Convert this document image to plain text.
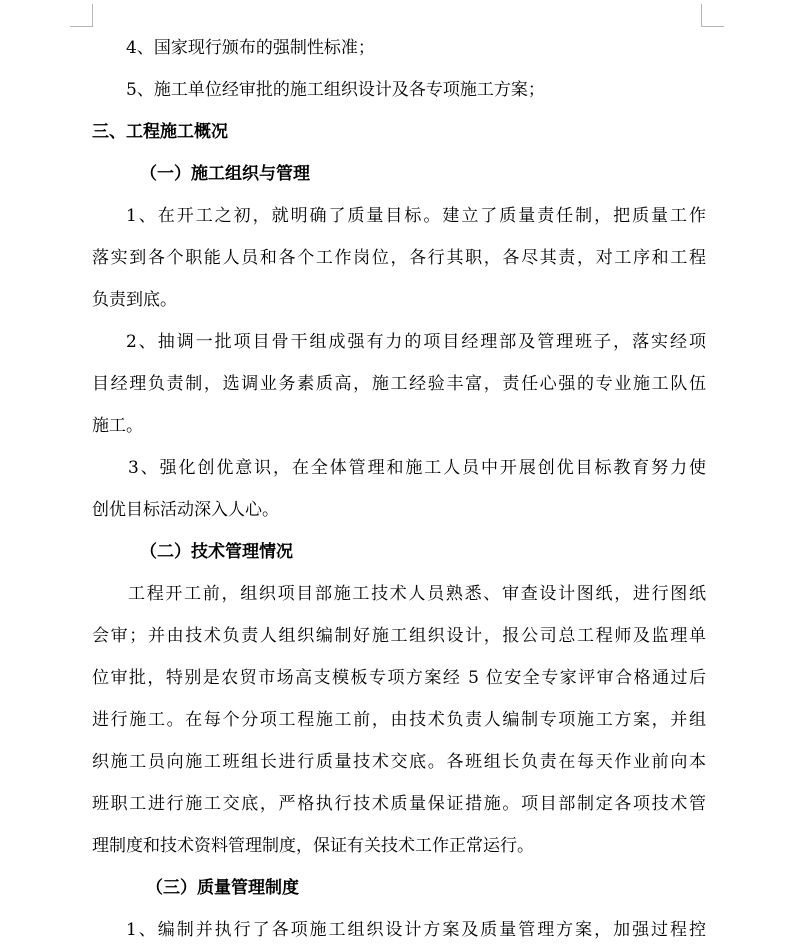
4、国家现行颁布的强制性标准；
5、施工单位经审批的施工组织设计及各专项施工方案；
三、工程施工概况
（一）施工组织与管理
1、在开工之初，就明确了质量目标。建立了质量责任制，把质量工作
落实到各个职能人员和各个工作岗位，各行其职，各尽其责，对工序和工程
负责到底。
2、抽调一批项目骨干组成强有力的项目经理部及管理班子，落实经项
目经理负责制，选调业务素质高，施工经验丰富，责任心强的专业施工队伍
施工。
3、强化创优意识，在全体管理和施工人员中开展创优目标教育努力使
创优目标活动深入人心。
（二）技术管理情况
工程开工前，组织项目部施工技术人员熟悉、审查设计图纸，进行图纸
会审；并由技术负责人组织编制好施工组织设计，报公司总工程师及监理单
位审批，特别是农贸市场高支模板专项方案经 5 位安全专家评审合格通过后
进行施工。在每个分项工程施工前，由技术负责人编制专项施工方案，并组
织施工员向施工班组长进行质量技术交底。各班组长负责在每天作业前向本
班职工进行施工交底，严格执行技术质量保证措施。项目部制定各项技术管
理制度和技术资料管理制度，保证有关技术工作正常运行。
（三）质量管理制度
1、编制并执行了各项施工组织设计方案及质量管理方案，加强过程控
